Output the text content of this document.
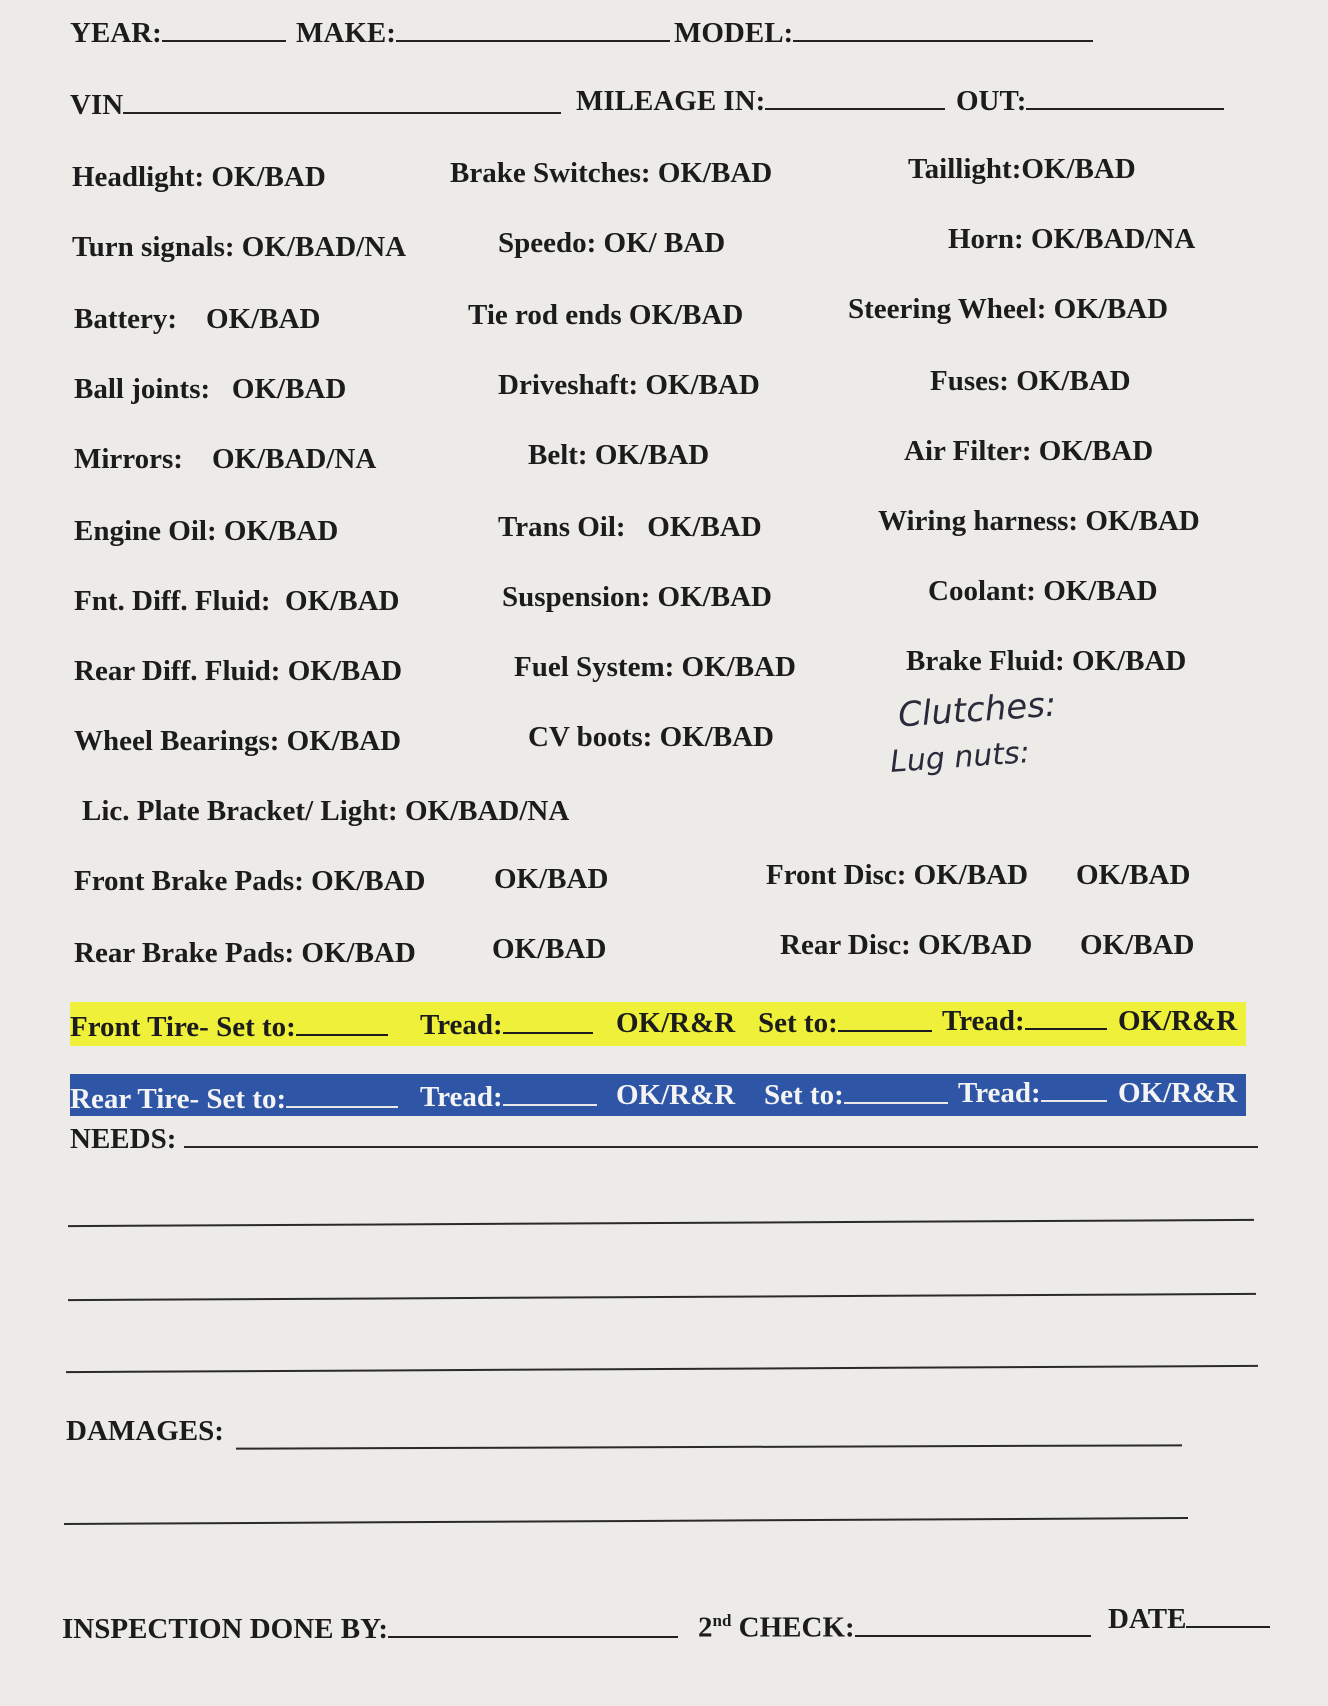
YEAR:	MAKE:	MODEL:
VIN	MILEAGE IN:	OUT:
Headlight: OK/BAD	Brake Switches: OK/BAD	Taillight:OK/BAD
Turn signals: OK/BAD/NA	Speedo: OK/ BAD	Horn: OK/BAD/NA
Battery:    OK/BAD	Tie rod ends OK/BAD	Steering Wheel: OK/BAD
Ball joints:   OK/BAD	Driveshaft: OK/BAD	Fuses: OK/BAD
Mirrors:    OK/BAD/NA	Belt: OK/BAD	Air Filter: OK/BAD
Engine Oil: OK/BAD	Trans Oil:   OK/BAD	Wiring harness: OK/BAD
Fnt. Diff. Fluid:  OK/BAD	Suspension: OK/BAD	Coolant: OK/BAD
Rear Diff. Fluid: OK/BAD	Fuel System: OK/BAD	Brake Fluid: OK/BAD
Wheel Bearings: OK/BAD	CV boots: OK/BAD
Clutches:
Lug nuts:
Lic. Plate Bracket/ Light: OK/BAD/NA
Front Brake Pads: OK/BAD OK/BAD	Front Disc: OK/BAD OK/BAD
Rear Brake Pads: OK/BAD	OK/BAD	Rear Disc: OK/BAD OK/BAD
Front Tire- Set to:	Tread:	OK/R&R Set to:	Tread:	OK/R&R
Rear Tire- Set to:	Tread:	OK/R&R Set to:	Tread:	OK/R&R
NEEDS:
DAMAGES:
INSPECTION DONE BY:	2nd CHECK:	DATE
